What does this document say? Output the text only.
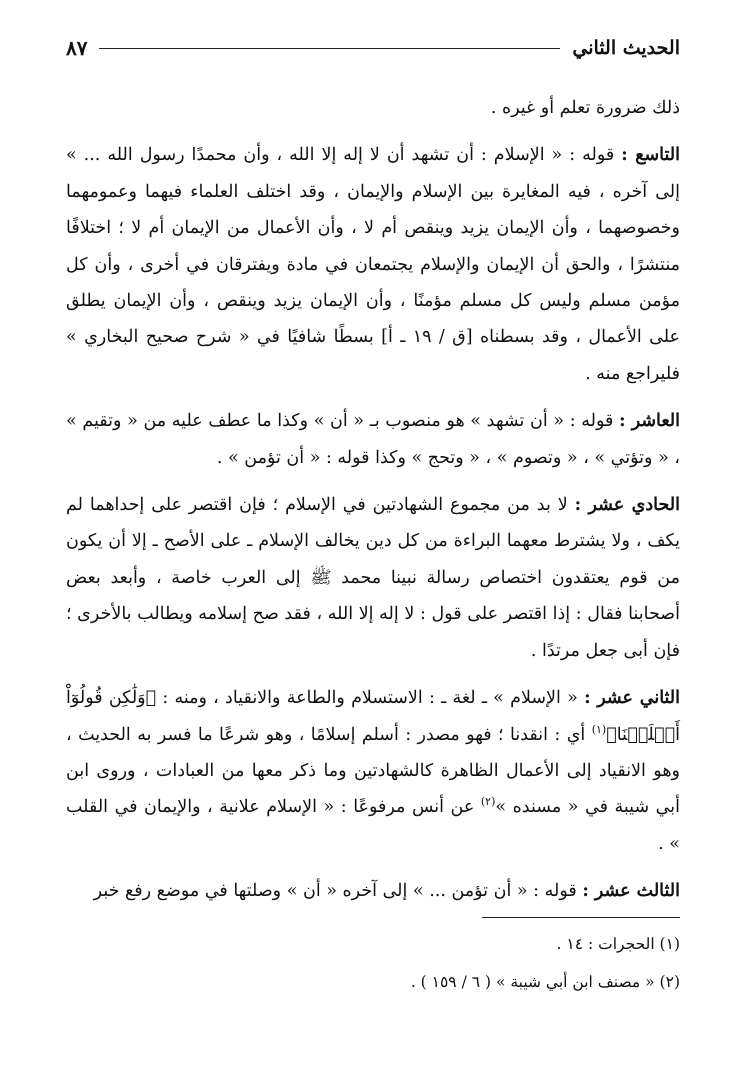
الحديث الثاني
٨٧

ذلك ضرورة تعلم أو غيره .

التاسع : قوله : « الإسلام : أن تشهد أن لا إله إلا الله ، وأن محمدًا رسول الله ... » إلى آخره ، فيه المغايرة بين الإسلام والإيمان ، وقد اختلف العلماء فيهما وعمومهما وخصوصهما ، وأن الإيمان يزيد وينقص أم لا ، وأن الأعمال من الإيمان أم لا ؛ اختلافًا منتشرًا ، والحق أن الإيمان والإسلام يجتمعان في مادة ويفترقان في أخرى ، وأن كل مؤمن مسلم وليس كل مسلم مؤمنًا ، وأن الإيمان يزيد وينقص ، وأن الإيمان يطلق على الأعمال ، وقد بسطناه [ق / ١٩ ـ أ] بسطًا شافيًا في « شرح صحيح البخاري » فليراجع منه .

العاشر : قوله : « أن تشهد » هو منصوب بـ « أن » وكذا ما عطف عليه من « وتقيم » ، « وتؤتي » ، « وتصوم » ، « وتحج » وكذا قوله : « أن تؤمن » .

الحادي عشر : لا بد من مجموع الشهادتين في الإسلام ؛ فإن اقتصر على إحداهما لم يكف ، ولا يشترط معهما البراءة من كل دين يخالف الإسلام ـ على الأصح ـ إلا أن يكون من قوم يعتقدون اختصاص رسالة نبينا محمد ﷺ إلى العرب خاصة ، وأبعد بعض أصحابنا فقال : إذا اقتصر على قول : لا إله إلا الله ، فقد صح إسلامه ويطالب بالأخرى ؛ فإن أبى جعل مرتدًا .

الثاني عشر : « الإسلام » ـ لغة ـ : الاستسلام والطاعة والانقياد ، ومنه : ﴿وَلَٰكِن قُولُوٓاْ أَسۡلَمۡنَا﴾$^{(١)}$ أي : انقدنا ؛ فهو مصدر : أسلم إسلامًا ، وهو شرعًا ما فسر به الحديث ، وهو الانقياد إلى الأعمال الظاهرة كالشهادتين وما ذكر معها من العبادات ، وروى ابن أبي شيبة في « مسنده »$^{(٢)}$ عن أنس مرفوعًا : « الإسلام علانية ، والإيمان في القلب » .

الثالث عشر : قوله : « أن تؤمن ... » إلى آخره « أن » وصلتها في موضع رفع خبر

(١) الحجرات : ١٤ .

(٢) « مصنف ابن أبي شيبة » ( ٦ / ١٥٩ ) .
